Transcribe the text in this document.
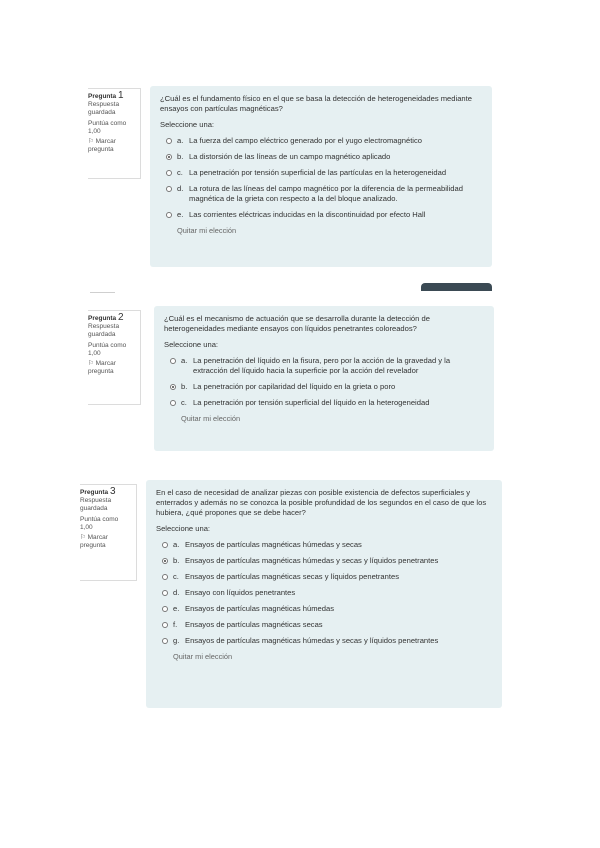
Pregunta 1
Respuesta guardada
Puntúa como 1,00
⚐ Marcar pregunta
¿Cuál es el fundamento físico en el que se basa la detección de heterogeneidades mediante ensayos con partículas magnéticas?
Seleccione una:
a. La fuerza del campo eléctrico generado por el yugo electromagnético
b. La distorsión de las líneas de un campo magnético aplicado
c. La penetración por tensión superficial de las partículas en la heterogeneidad
d. La rotura de las líneas del campo magnético por la diferencia de la permeabilidad magnética de la grieta con respecto a la del bloque analizado.
e. Las corrientes eléctricas inducidas en la discontinuidad por efecto Hall
Quitar mi elección
Pregunta 2
Respuesta guardada
Puntúa como 1,00
⚐ Marcar pregunta
¿Cuál es el mecanismo de actuación que se desarrolla durante la detección de heterogeneidades mediante ensayos con líquidos penetrantes coloreados?
Seleccione una:
a. La penetración del líquido en la fisura, pero por la acción de la gravedad y la extracción del líquido hacia la superficie por la acción del revelador
b. La penetración por capilaridad del líquido en la grieta o poro
c. La penetración por tensión superficial del líquido en la heterogeneidad
Quitar mi elección
Pregunta 3
Respuesta guardada
Puntúa como 1,00
⚐ Marcar pregunta
En el caso de necesidad de analizar piezas con posible existencia de defectos superficiales y enterrados y además no se conozca la posible profundidad de los segundos en el caso de que los hubiera, ¿qué propones que se debe hacer?
Seleccione una:
a. Ensayos de partículas magnéticas húmedas y secas
b. Ensayos de partículas magnéticas húmedas y secas y líquidos penetrantes
c. Ensayos de partículas magnéticas secas y líquidos penetrantes
d. Ensayo con líquidos penetrantes
e. Ensayos de partículas magnéticas húmedas
f.	Ensayos de partículas magnéticas secas
g. Ensayos de partículas magnéticas húmedas y secas y líquidos penetrantes
Quitar mi elección
